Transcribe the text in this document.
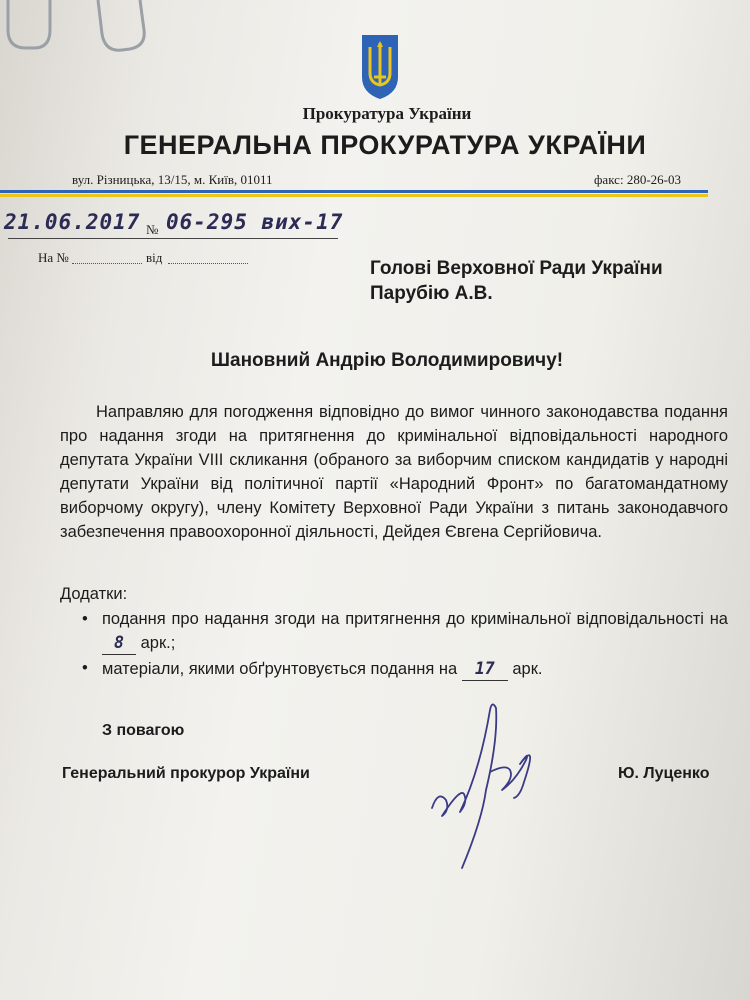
Прокуратура України
ГЕНЕРАЛЬНА ПРОКУРАТУРА УКРАЇНИ
вул. Різницька, 13/15, м. Київ, 01011	факс: 280-26-03
21.06.2017 № 06-295 вих-17
На №	від
Голові Верховної Ради України
Парубію А.В.
Шановний Андрію Володимировичу!
Направляю для погодження відповідно до вимог чинного законодавства подання про надання згоди на притягнення до кримінальної відповідальності народного депутата України VIII скликання (обраного за виборчим списком кандидатів у народні депутати України від політичної партії «Народний Фронт» по багатомандатному виборчому округу), члену Комітету Верховної Ради України з питань законодавчого забезпечення правоохоронної діяльності, Дейдея Євгена Сергійовича.
Додатки:
• подання про надання згоди на притягнення до кримінальної відповідальності на 8 арк.;
• матеріали, якими обґрунтовується подання на 17 арк.
З повагою
Генеральний прокурор України	Ю. Луценко
